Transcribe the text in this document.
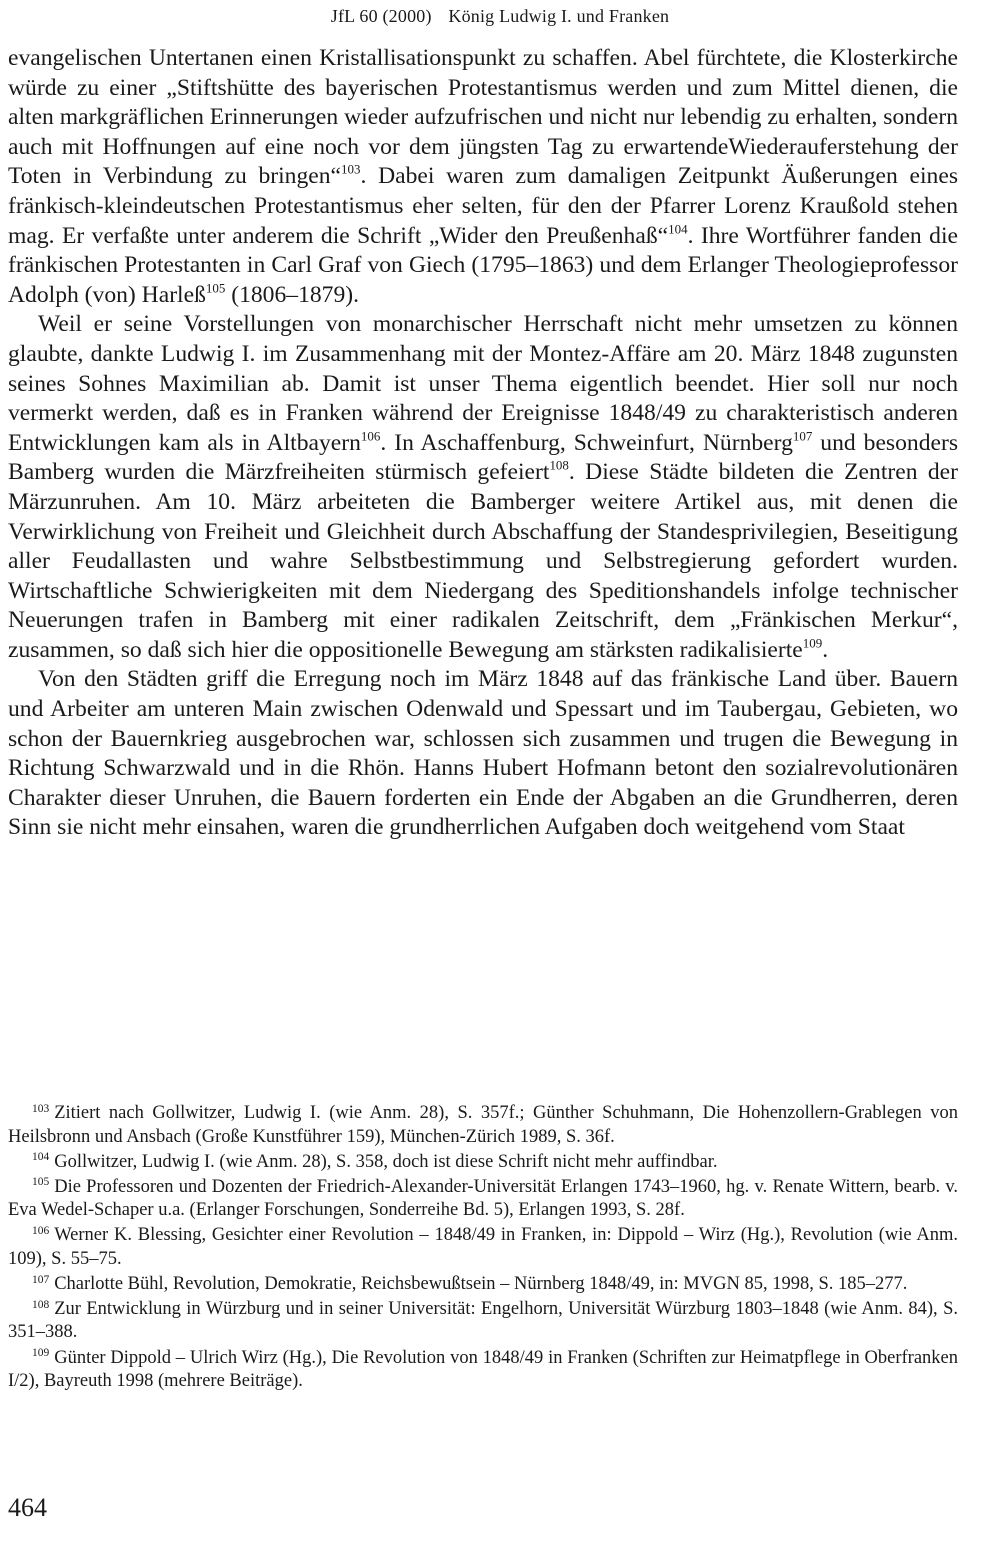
JfL 60 (2000) König Ludwig I. und Franken

evangelischen Untertanen einen Kristallisationspunkt zu schaffen. Abel fürchtete, die Klosterkirche würde zu einer „Stiftshütte des bayerischen Protestantismus werden und zum Mittel dienen, die alten markgräflichen Erinnerungen wieder aufzufrischen und nicht nur lebendig zu erhalten, sondern auch mit Hoffnungen auf eine noch vor dem jüngsten Tag zu erwartendeWiederauferstehung der Toten in Verbindung zu bringen“$^{103}$. Dabei waren zum damaligen Zeitpunkt Äußerungen eines fränkisch-kleindeutschen Protestantismus eher selten, für den der Pfarrer Lorenz Kraußold stehen mag. Er verfaßte unter anderem die Schrift „Wider den Preußenhaß“$^{104}$. Ihre Wortführer fanden die fränkischen Protestanten in Carl Graf von Giech (1795–1863) und dem Erlanger Theologieprofessor Adolph (von) Harleß$^{105}$ (1806–1879).

Weil er seine Vorstellungen von monarchischer Herrschaft nicht mehr umsetzen zu können glaubte, dankte Ludwig I. im Zusammenhang mit der Montez-Affäre am 20. März 1848 zugunsten seines Sohnes Maximilian ab. Damit ist unser Thema eigentlich beendet. Hier soll nur noch vermerkt werden, daß es in Franken während der Ereignisse 1848/49 zu charakteristisch anderen Entwicklungen kam als in Altbayern$^{106}$. In Aschaffenburg, Schweinfurt, Nürnberg$^{107}$ und besonders Bamberg wurden die Märzfreiheiten stürmisch gefeiert$^{108}$. Diese Städte bildeten die Zentren der Märzunruhen. Am 10. März arbeiteten die Bamberger weitere Artikel aus, mit denen die Verwirklichung von Freiheit und Gleichheit durch Abschaffung der Standesprivilegien, Beseitigung aller Feudallasten und wahre Selbstbestimmung und Selbstregierung gefordert wurden. Wirtschaftliche Schwierigkeiten mit dem Niedergang des Speditionshandels infolge technischer Neuerungen trafen in Bamberg mit einer radikalen Zeitschrift, dem „Fränkischen Merkur“, zusammen, so daß sich hier die oppositionelle Bewegung am stärksten radikalisierte$^{109}$.

Von den Städten griff die Erregung noch im März 1848 auf das fränkische Land über. Bauern und Arbeiter am unteren Main zwischen Odenwald und Spessart und im Taubergau, Gebieten, wo schon der Bauernkrieg ausgebrochen war, schlossen sich zusammen und trugen die Bewegung in Richtung Schwarzwald und in die Rhön. Hanns Hubert Hofmann betont den sozialrevolutionären Charakter dieser Unruhen, die Bauern forderten ein Ende der Abgaben an die Grundherren, deren Sinn sie nicht mehr einsahen, waren die grundherrlichen Aufgaben doch weitgehend vom Staat

$^{103}$ Zitiert nach Gollwitzer, Ludwig I. (wie Anm. 28), S. 357f.; Günther Schuhmann, Die Hohenzollern-Grablegen von Heilsbronn und Ansbach (Große Kunstführer 159), München-Zürich 1989, S. 36f.
$^{104}$ Gollwitzer, Ludwig I. (wie Anm. 28), S. 358, doch ist diese Schrift nicht mehr auffindbar.
$^{105}$ Die Professoren und Dozenten der Friedrich-Alexander-Universität Erlangen 1743–1960, hg. v. Renate Wittern, bearb. v. Eva Wedel-Schaper u.a. (Erlanger Forschungen, Sonderreihe Bd. 5), Erlangen 1993, S. 28f.
$^{106}$ Werner K. Blessing, Gesichter einer Revolution – 1848/49 in Franken, in: Dippold – Wirz (Hg.), Revolution (wie Anm. 109), S. 55–75.
$^{107}$ Charlotte Bühl, Revolution, Demokratie, Reichsbewußtsein – Nürnberg 1848/49, in: MVGN 85, 1998, S. 185–277.
$^{108}$ Zur Entwicklung in Würzburg und in seiner Universität: Engelhorn, Universität Würzburg 1803–1848 (wie Anm. 84), S. 351–388.
$^{109}$ Günter Dippold – Ulrich Wirz (Hg.), Die Revolution von 1848/49 in Franken (Schriften zur Heimatpflege in Oberfranken I/2), Bayreuth 1998 (mehrere Beiträge).
464
